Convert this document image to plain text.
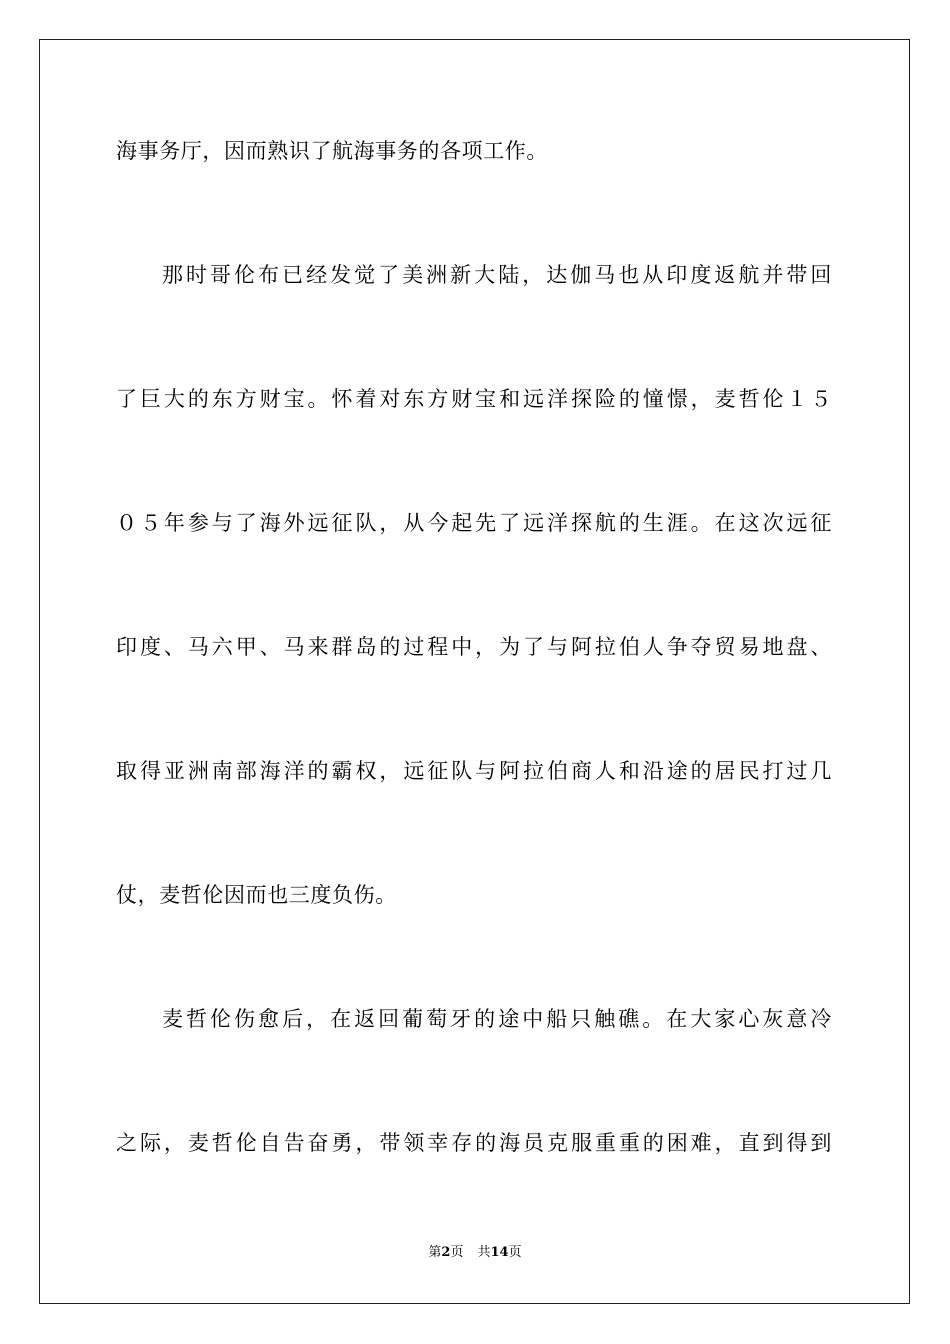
海事务厅，因而熟识了航海事务的各项工作。
那时哥伦布已经发觉了美洲新大陆，达伽马也从印度返航并带回
了巨大的东方财宝。怀着对东方财宝和远洋探险的憧憬，麦哲伦１５
０５年参与了海外远征队，从今起先了远洋探航的生涯。在这次远征
印度、马六甲、马来群岛的过程中，为了与阿拉伯人争夺贸易地盘、
取得亚洲南部海洋的霸权，远征队与阿拉伯商人和沿途的居民打过几
仗，麦哲伦因而也三度负伤。
麦哲伦伤愈后，在返回葡萄牙的途中船只触礁。在大家心灰意冷
之际，麦哲伦自告奋勇，带领幸存的海员克服重重的困难，直到得到
第2页 共14页
